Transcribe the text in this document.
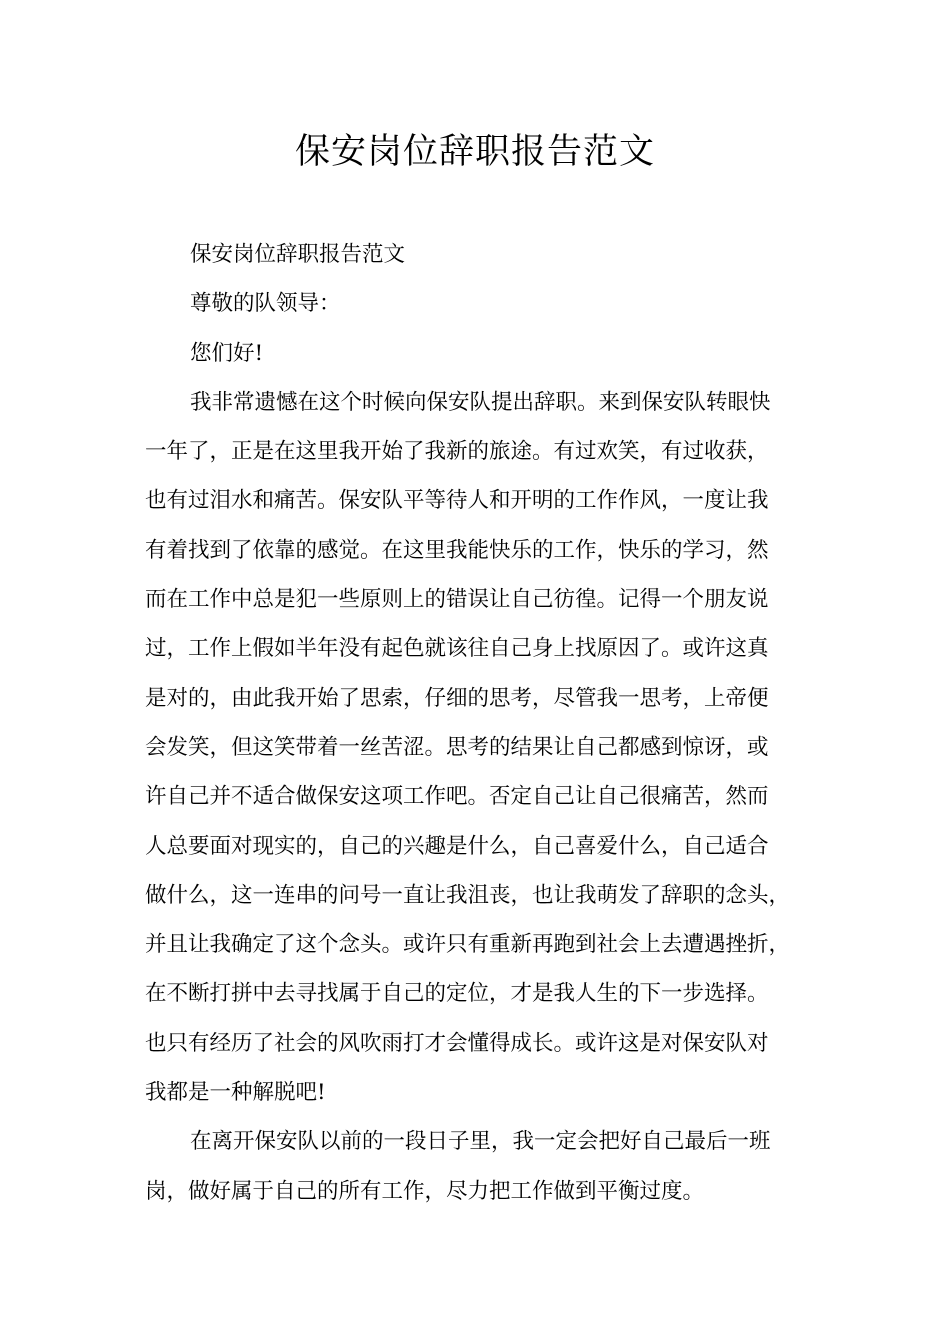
保安岗位辞职报告范文

保安岗位辞职报告范文

尊敬的队领导：

您们好!

我非常遗憾在这个时候向保安队提出辞职。来到保安队转眼快
一年了，正是在这里我开始了我新的旅途。有过欢笑，有过收获，
也有过泪水和痛苦。保安队平等待人和开明的工作作风，一度让我
有着找到了依靠的感觉。在这里我能快乐的工作，快乐的学习，然
而在工作中总是犯一些原则上的错误让自己彷徨。记得一个朋友说
过，工作上假如半年没有起色就该往自己身上找原因了。或许这真
是对的，由此我开始了思索，仔细的思考，尽管我一思考，上帝便
会发笑，但这笑带着一丝苦涩。思考的结果让自己都感到惊讶，或
许自己并不适合做保安这项工作吧。否定自己让自己很痛苦，然而
人总要面对现实的，自己的兴趣是什么，自己喜爱什么，自己适合
做什么，这一连串的问号一直让我沮丧，也让我萌发了辞职的念头，
并且让我确定了这个念头。或许只有重新再跑到社会上去遭遇挫折，
在不断打拼中去寻找属于自己的定位，才是我人生的下一步选择。
也只有经历了社会的风吹雨打才会懂得成长。或许这是对保安队对
我都是一种解脱吧!

在离开保安队以前的一段日子里，我一定会把好自己最后一班
岗，做好属于自己的所有工作，尽力把工作做到平衡过度。
